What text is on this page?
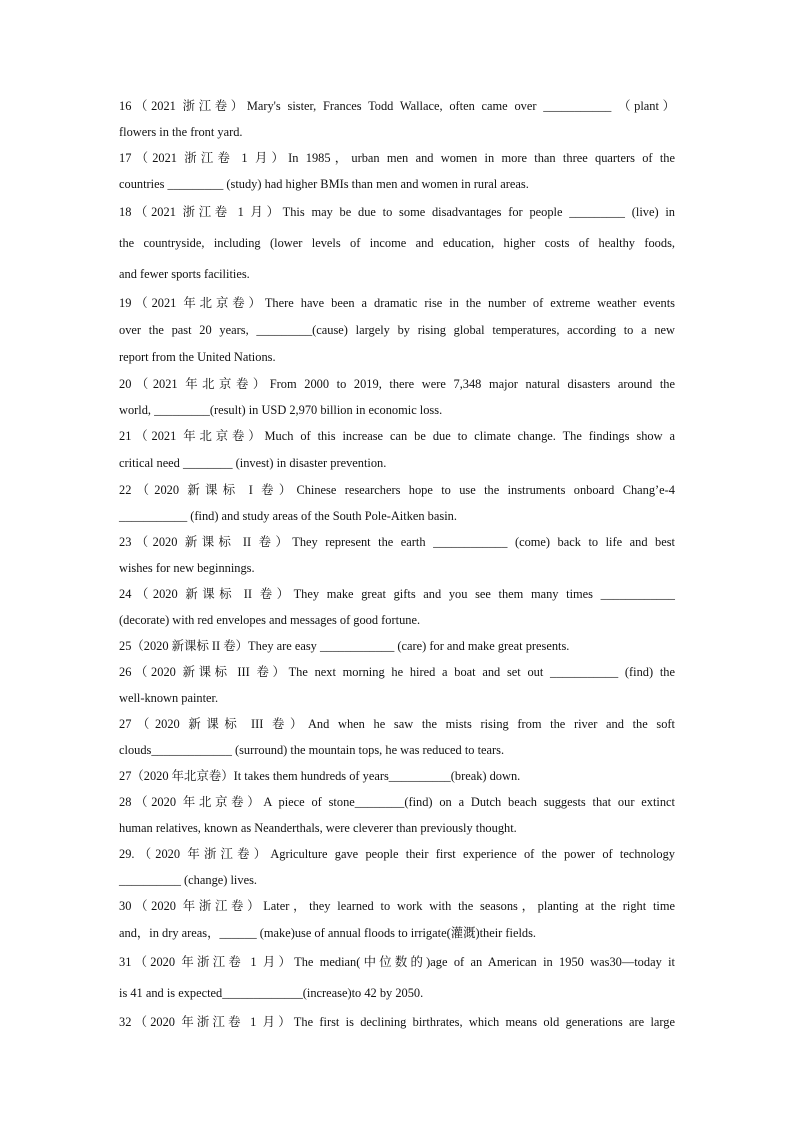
16（2021 浙江卷）Mary's sister, Frances Todd Wallace, often came over ___________ （plant）
flowers in the front yard.
17（2021 浙江卷 1 月）In 1985，urban men and women in more than three quarters of the
countries _________ (study) had higher BMIs than men and women in rural areas.
18（2021 浙江卷 1 月）This may be due to some disadvantages for people _________ (live) in
the countryside, including (lower levels of income and education, higher costs of healthy foods,
and fewer sports facilities.
19（2021 年北京卷）There have been a dramatic rise in the number of extreme weather events
over the past 20 years, _________(cause) largely by rising global temperatures, according to a new
report from the United Nations.
20（2021 年北京卷）From 2000 to 2019, there were 7,348 major natural disasters around the
world, _________(result) in USD 2,970 billion in economic loss.
21（2021 年北京卷）Much of this increase can be due to climate change. The findings show a
critical need ________ (invest) in disaster prevention.
22（2020 新课标 I 卷）Chinese researchers hope to use the instruments onboard Chang’e-4
___________ (find) and study areas of the South Pole-Aitken basin.
23（2020 新课标 II 卷）They represent the earth ____________ (come) back to life and best
wishes for new beginnings.
24（2020 新课标 II 卷）They make great gifts and you see them many times ____________
(decorate) with red envelopes and messages of good fortune.
25（2020 新课标 II 卷）They are easy ____________ (care) for and make great presents.
26（2020 新课标 III 卷）The next morning he hired a boat and set out ___________ (find) the
well-known painter.
27（2020 新课标 III 卷）And when he saw the mists rising from the river and the soft
clouds_____________ (surround) the mountain tops, he was reduced to tears.
27（2020 年北京卷）It takes them hundreds of years__________(break) down.
28（2020 年北京卷）A piece of stone________(find) on a Dutch beach suggests that our extinct
human relatives, known as Neanderthals, were cleverer than previously thought.
29.（2020 年浙江卷）Agriculture gave people their first experience of the power of technology
__________ (change) lives.
30（2020 年浙江卷）Later，they learned to work with the seasons，planting at the right time
and，in dry areas，______ (make)use of annual floods to irrigate(灌溉)their fields.
31（2020 年浙江卷 1 月）The median(中位数的)age of an American in 1950 was30—today it
is 41 and is expected_____________(increase)to 42 by 2050.
32（2020 年浙江卷 1 月）The first is declining birthrates, which means old generations are large
